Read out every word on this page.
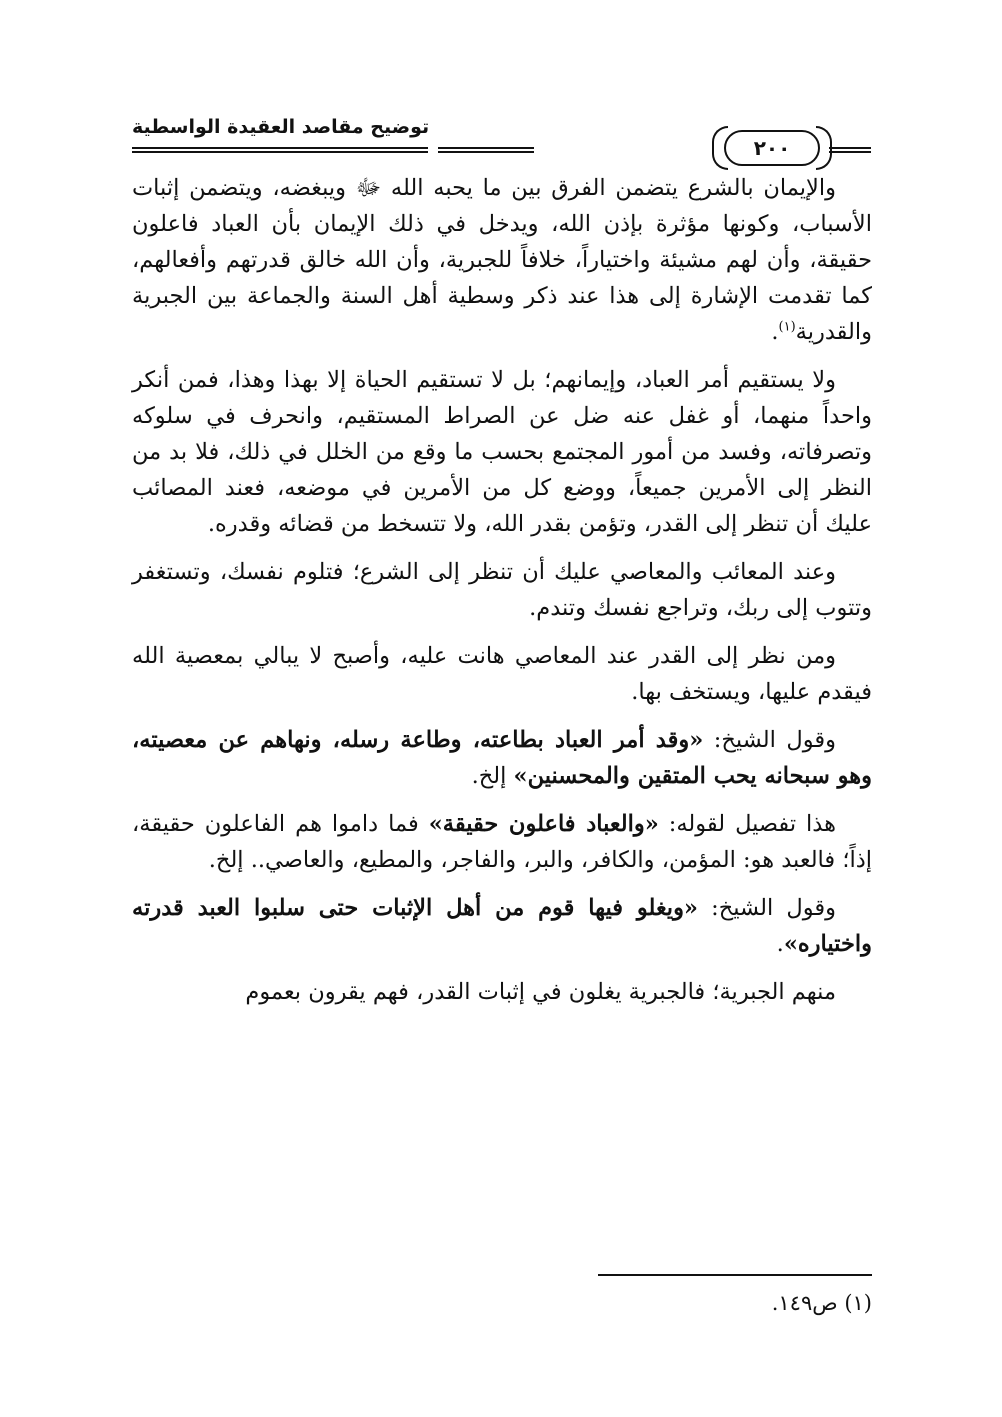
توضيح مقاصد العقيدة الواسطية
٢٠٠

والإيمان بالشرع يتضمن الفرق بين ما يحبه الله ﷻ ويبغضه، ويتضمن إثبات الأسباب، وكونها مؤثرة بإذن الله، ويدخل في ذلك الإيمان بأن العباد فاعلون حقيقة، وأن لهم مشيئة واختياراً، خلافاً للجبرية، وأن الله خالق قدرتهم وأفعالهم، كما تقدمت الإشارة إلى هذا عند ذكر وسطية أهل السنة والجماعة بين الجبرية والقدرية$^{(١)}$.

ولا يستقيم أمر العباد، وإيمانهم؛ بل لا تستقيم الحياة إلا بهذا وهذا، فمن أنكر واحداً منهما، أو غفل عنه ضل عن الصراط المستقيم، وانحرف في سلوكه وتصرفاته، وفسد من أمور المجتمع بحسب ما وقع من الخلل في ذلك، فلا بد من النظر إلى الأمرين جميعاً، ووضع كل من الأمرين في موضعه، فعند المصائب عليك أن تنظر إلى القدر، وتؤمن بقدر الله، ولا تتسخط من قضائه وقدره.

وعند المعائب والمعاصي عليك أن تنظر إلى الشرع؛ فتلوم نفسك، وتستغفر وتتوب إلى ربك، وتراجع نفسك وتندم.

ومن نظر إلى القدر عند المعاصي هانت عليه، وأصبح لا يبالي بمعصية الله فيقدم عليها، ويستخف بها.

وقول الشيخ: «وقد أمر العباد بطاعته، وطاعة رسله، ونهاهم عن معصيته، وهو سبحانه يحب المتقين والمحسنين» إلخ.

هذا تفصيل لقوله: «والعباد فاعلون حقيقة» فما داموا هم الفاعلون حقيقة، إذاً؛ فالعبد هو: المؤمن، والكافر، والبر، والفاجر، والمطيع، والعاصي.. إلخ.

وقول الشيخ: «ويغلو فيها قوم من أهل الإثبات حتى سلبوا العبد قدرته واختياره».

منهم الجبرية؛ فالجبرية يغلون في إثبات القدر، فهم يقرون بعموم

(١) ص١٤٩.
